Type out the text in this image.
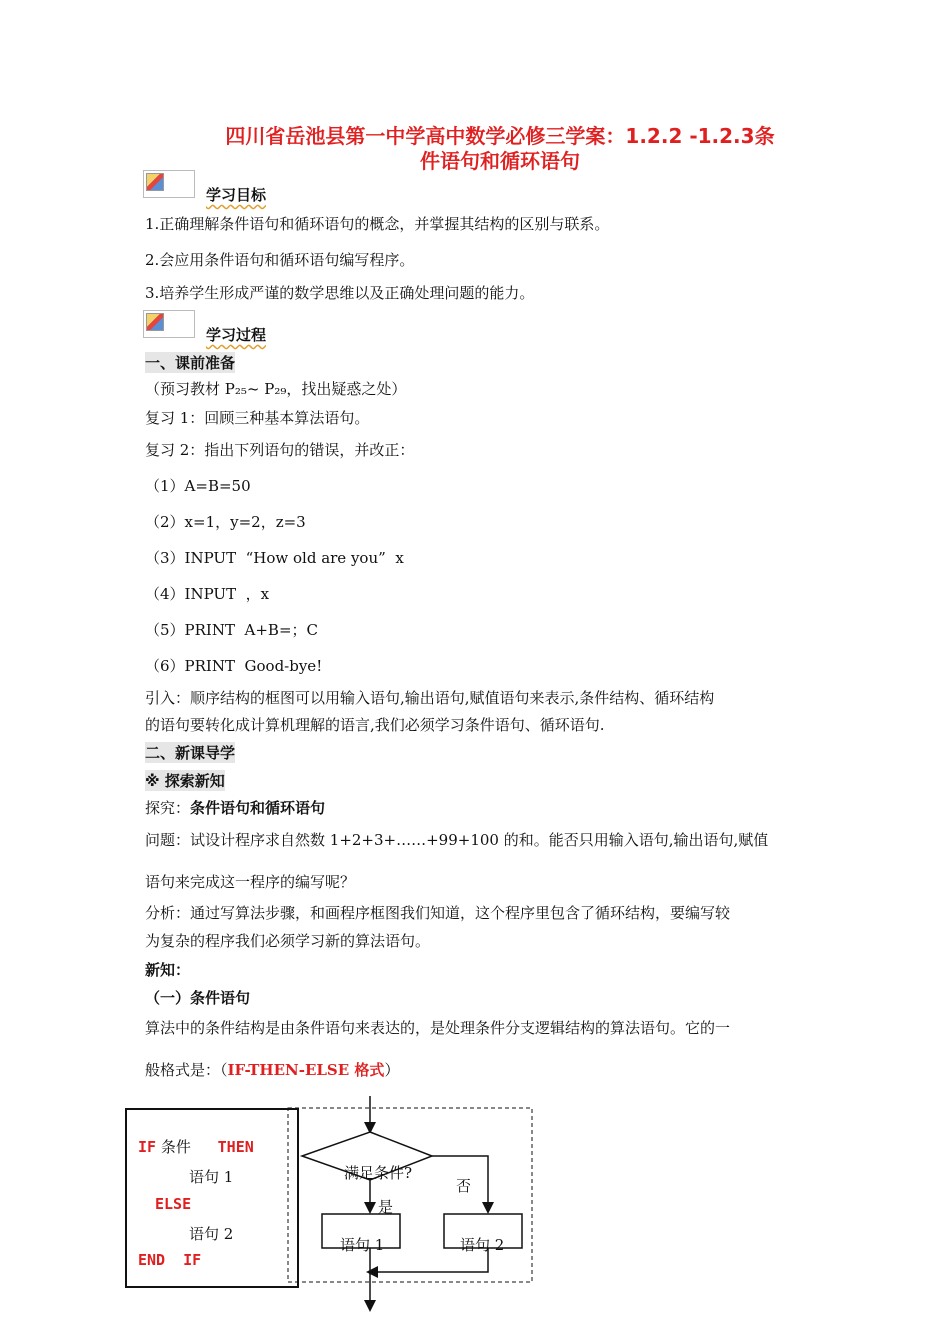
四川省岳池县第一中学高中数学必修三学案：1.2.2 -1.2.3条
件语句和循环语句
学习目标
1.正确理解条件语句和循环语句的概念，并掌握其结构的区别与联系。
2.会应用条件语句和循环语句编写程序。
3.培养学生形成严谨的数学思维以及正确处理问题的能力。
学习过程
一、课前准备
（预习教材 P₂₅~ P₂₉，找出疑惑之处）
复习 1：回顾三种基本算法语句。
复习 2：指出下列语句的错误，并改正：
（1）A=B=50
（2）x=1，y=2，z=3
（3）INPUT  “How old are you”  x
（4）INPUT  ，x
（5）PRINT  A+B=；C
（6）PRINT  Good-bye!
引入：顺序结构的框图可以用输入语句,输出语句,赋值语句来表示,条件结构、循环结构
的语句要转化成计算机理解的语言,我们必须学习条件语句、循环语句.
二、新课导学
※ 探索新知
探究：条件语句和循环语句
问题：试设计程序求自然数 1+2+3+……+99+100 的和。能否只用输入语句,输出语句,赋值
语句来完成这一程序的编写呢？
分析：通过写算法步骤，和画程序框图我们知道，这个程序里包含了循环结构，要编写较
为复杂的程序我们必须学习新的算法语句。
新知：
（一）条件语句
算法中的条件结构是由条件语句来表达的，是处理条件分支逻辑结构的算法语句。它的一
般格式是：（IF-THEN-ELSE 格式）
IF 条件 THEN
语句 1
ELSE
语句 2
END  IF
满足条件?
是
否
语句 1	语句 2
